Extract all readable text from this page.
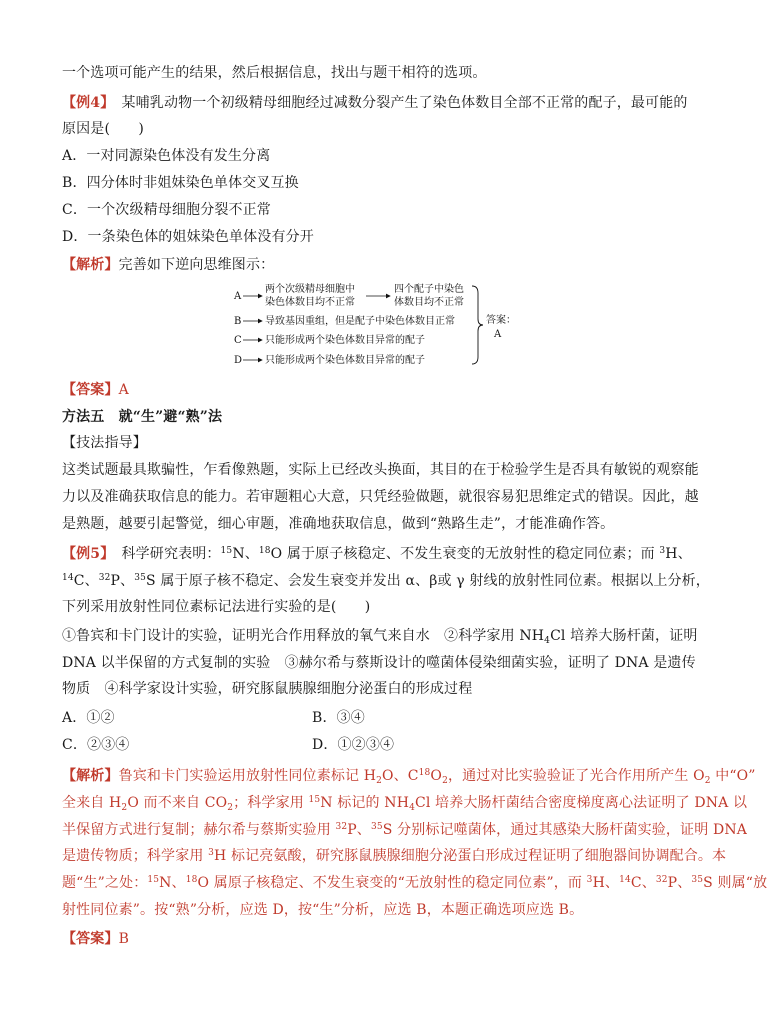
一个选项可能产生的结果，然后根据信息，找出与题干相符的选项。
【例4】　某哺乳动物一个初级精母细胞经过减数分裂产生了染色体数目全部不正常的配子，最可能的
原因是(　　)
A．一对同源染色体没有发生分离
B．四分体时非姐妹染色单体交叉互换
C．一个次级精母细胞分裂不正常
D．一条染色体的姐妹染色单体没有分开
【解析】完善如下逆向思维图示：
A
两个次级精母细胞中
染色体数目均不正常
四个配子中染色
体数目均不正常
B 导致基因重组，但是配子中染色体数目正常
C 只能形成两个染色体数目异常的配子
D 只能形成两个染色体数目异常的配子
答案：
A
【答案】A
方法五　就“生”避“熟”法
【技法指导】
这类试题最具欺骗性，乍看像熟题，实际上已经改头换面，其目的在于检验学生是否具有敏锐的观察能
力以及准确获取信息的能力。若审题粗心大意，只凭经验做题，就很容易犯思维定式的错误。因此，越
是熟题，越要引起警觉，细心审题，准确地获取信息，做到“熟路生走”，才能准确作答。
【例5】　科学研究表明：$^{15}$N、$^{18}$O 属于原子核稳定、不发生衰变的无放射性的稳定同位素；而 $^3$H、
$^{14}$C、$^{32}$P、$^{35}$S 属于原子核不稳定、会发生衰变并发出 α、β或 γ 射线的放射性同位素。根据以上分析，
下列采用放射性同位素标记法进行实验的是(　　)
①鲁宾和卡门设计的实验，证明光合作用释放的氧气来自水　②科学家用 $NH_4Cl$ 培养大肠杆菌，证明
DNA 以半保留的方式复制的实验　③赫尔希与蔡斯设计的噬菌体侵染细菌实验，证明了 DNA 是遗传
物质　④科学家设计实验，研究豚鼠胰腺细胞分泌蛋白的形成过程
A．①②	B．③④
C．②③④	D．①②③④
【解析】鲁宾和卡门实验运用放射性同位素标记 $H_2O$、$C^{18}O_2$，通过对比实验验证了光合作用所产生 $O_2$ 中“O”
全来自 $H_2O$ 而不来自 $CO_2$；科学家用 $^{15}$N 标记的 $NH_4Cl$ 培养大肠杆菌结合密度梯度离心法证明了 DNA 以
半保留方式进行复制；赫尔希与蔡斯实验用 $^{32}$P、$^{35}$S 分别标记噬菌体，通过其感染大肠杆菌实验，证明 DNA
是遗传物质；科学家用 $^3$H 标记亮氨酸，研究豚鼠胰腺细胞分泌蛋白形成过程证明了细胞器间协调配合。本
题“生”之处：$^{15}$N、$^{18}$O 属原子核稳定、不发生衰变的“无放射性的稳定同位素”，而 $^3$H、$^{14}$C、$^{32}$P、$^{35}$S 则属“放
射性同位素”。按“熟”分析，应选 D，按“生”分析，应选 B，本题正确选项应选 B。
【答案】B
